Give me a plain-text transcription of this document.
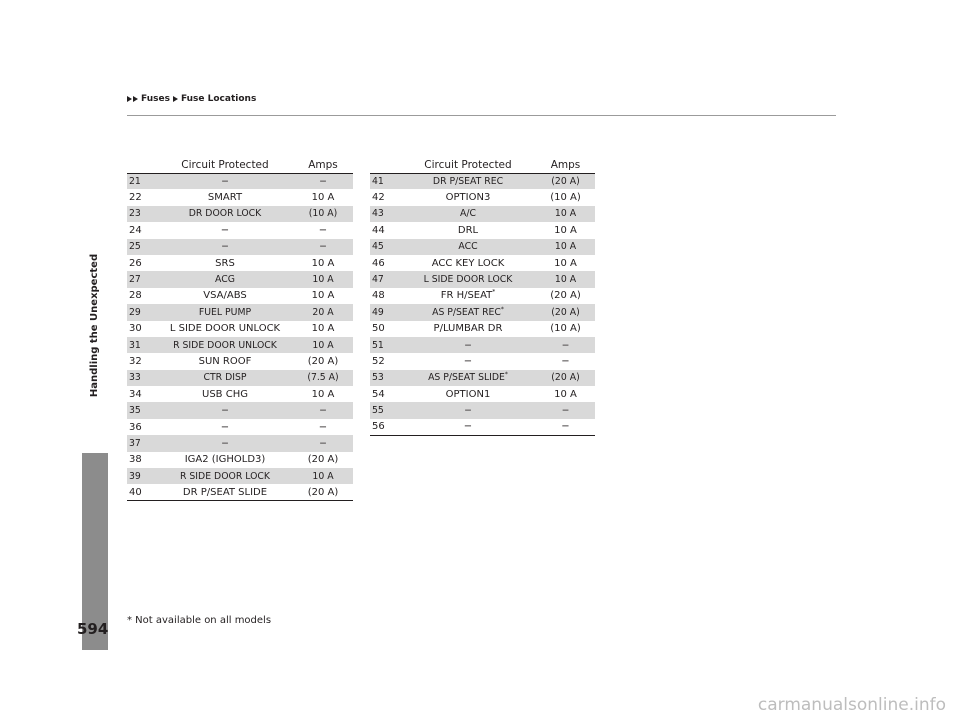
Fuses Fuse Locations
Handling the Unexpected
	Circuit Protected	Amps
21	−	−
22	SMART	10 A
23	DR DOOR LOCK	(10 A)
24	−	−
25	−	−
26	SRS	10 A
27	ACG	10 A
28	VSA/ABS	10 A
29	FUEL PUMP	20 A
30	L SIDE DOOR UNLOCK	10 A
31	R SIDE DOOR UNLOCK	10 A
32	SUN ROOF	(20 A)
33	CTR DISP	(7.5 A)
34	USB CHG	10 A
35	−	−
36	−	−
37	−	−
38	IGA2 (IGHOLD3)	(20 A)
39	R SIDE DOOR LOCK	10 A
40	DR P/SEAT SLIDE	(20 A)
	Circuit Protected	Amps
41	DR P/SEAT REC	(20 A)
42	OPTION3	(10 A)
43	A/C	10 A
44	DRL	10 A
45	ACC	10 A
46	ACC KEY LOCK	10 A
47	L SIDE DOOR LOCK	10 A
48	FR H/SEAT*	(20 A)
49	AS P/SEAT REC*	(20 A)
50	P/LUMBAR DR	(10 A)
51	−	−
52	−	−
53	AS P/SEAT SLIDE*	(20 A)
54	OPTION1	10 A
55	−	−
56	−	−
594 * Not available on all models
carmanualsonline.info
